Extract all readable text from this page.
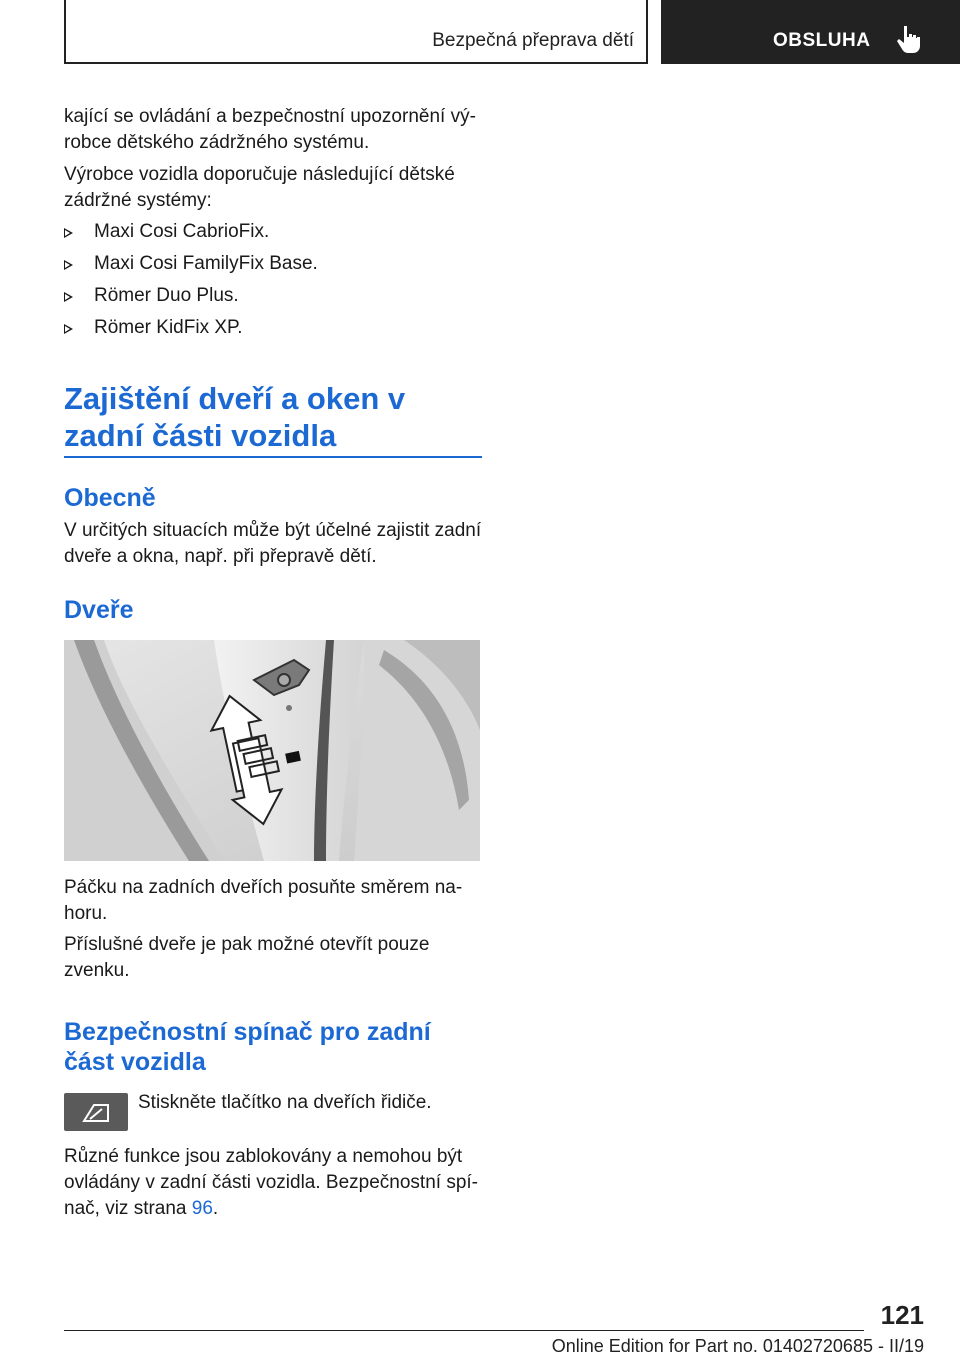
Bezpečná přeprava dětí	OBSLUHA

kající se ovládání a bezpečnostní upozornění vý-robce dětského zádržného systému.

Výrobce vozidla doporučuje následující dětské zádržné systémy:

Maxi Cosi CabrioFix.
Maxi Cosi FamilyFix Base.
Römer Duo Plus.
Römer KidFix XP.
Zajištění dveří a oken v
zadní části vozidla
Obecně

V určitých situacích může být účelné zajistit zadní dveře a okna, např. při přepravě dětí.

Dveře

Páčku na zadních dveřích posuňte směrem na-horu.

Příslušné dveře je pak možné otevřít pouze zvenku.

Bezpečnostní spínač pro zadní
část vozidla

Stiskněte tlačítko na dveřích řidiče.

Různé funkce jsou zablokovány a nemohou být ovládány v zadní části vozidla. Bezpečnostní spí-nač, viz strana 96.

121
Online Edition for Part no. 01402720685 - II/19
